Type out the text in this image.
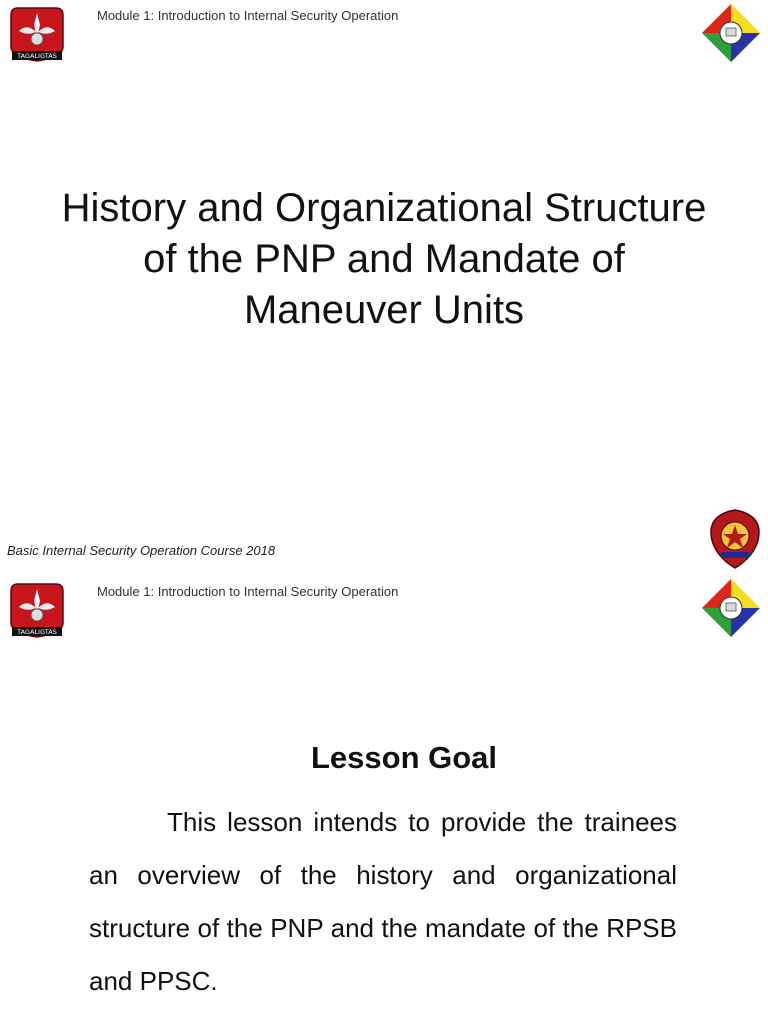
TAGALIGTAS
Module 1: Introduction to Internal Security Operation
History and Organizational Structure
of the PNP and Mandate of
Maneuver Units
Basic Internal Security Operation Course 2018
TAGALIGTAS
Module 1: Introduction to Internal Security Operation
Lesson Goal

This lesson intends to provide the trainees an overview of the history and organizational structure of the PNP and the mandate of the RPSB and PPSC.
